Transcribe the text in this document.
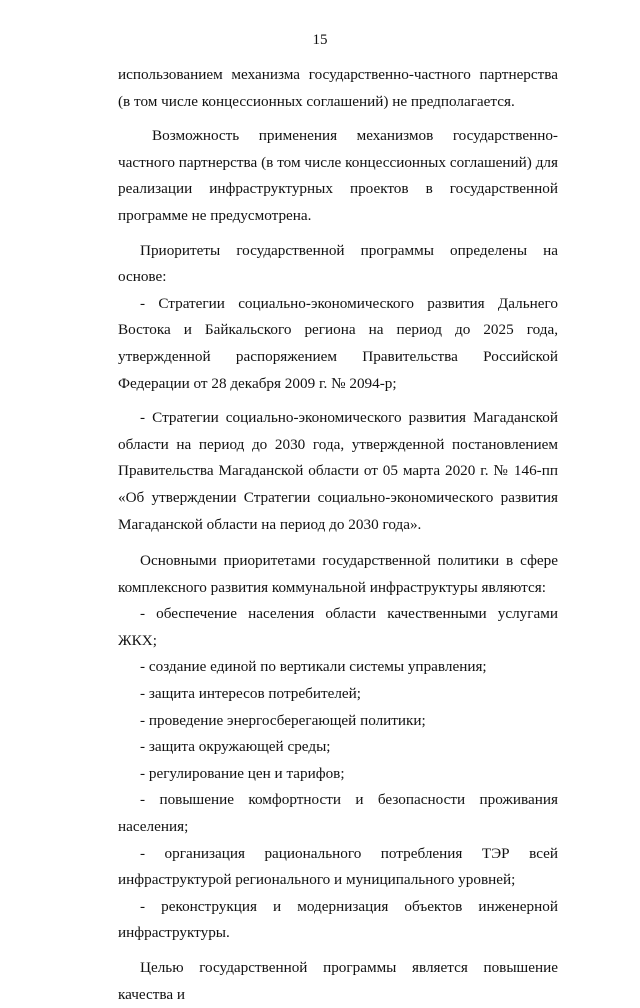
15

использованием механизма государственно-частного партнерства (в том числе концессионных соглашений) не предполагается.

Возможность применения механизмов государственно-частного партнерства (в том числе концессионных соглашений) для реализации инфраструктурных проектов в государственной программе не предусмотрена.

Приоритеты государственной программы определены на основе:

- Стратегии социально-экономического развития Дальнего Востока и Байкальского региона на период до 2025 года, утвержденной распоряжением Правительства Российской Федерации от 28 декабря 2009 г. № 2094-р;

- Стратегии социально-экономического развития Магаданской области на период до 2030 года, утвержденной постановлением Правительства Магаданской области от 05 марта 2020 г. № 146-пп «Об утверждении Стратегии социально-экономического развития Магаданской области на период до 2030 года».

Основными приоритетами государственной политики в сфере комплексного развития коммунальной инфраструктуры являются:

- обеспечение населения области качественными услугами ЖКХ;

- создание единой по вертикали системы управления;

- защита интересов потребителей;

- проведение энергосберегающей политики;

- защита окружающей среды;

- регулирование цен и тарифов;

- повышение комфортности и безопасности проживания населения;

- организация рационального потребления ТЭР всей инфраструктурой регионального и муниципального уровней;

- реконструкция и модернизация объектов инженерной инфраструктуры.

Целью государственной программы является повышение качества и
